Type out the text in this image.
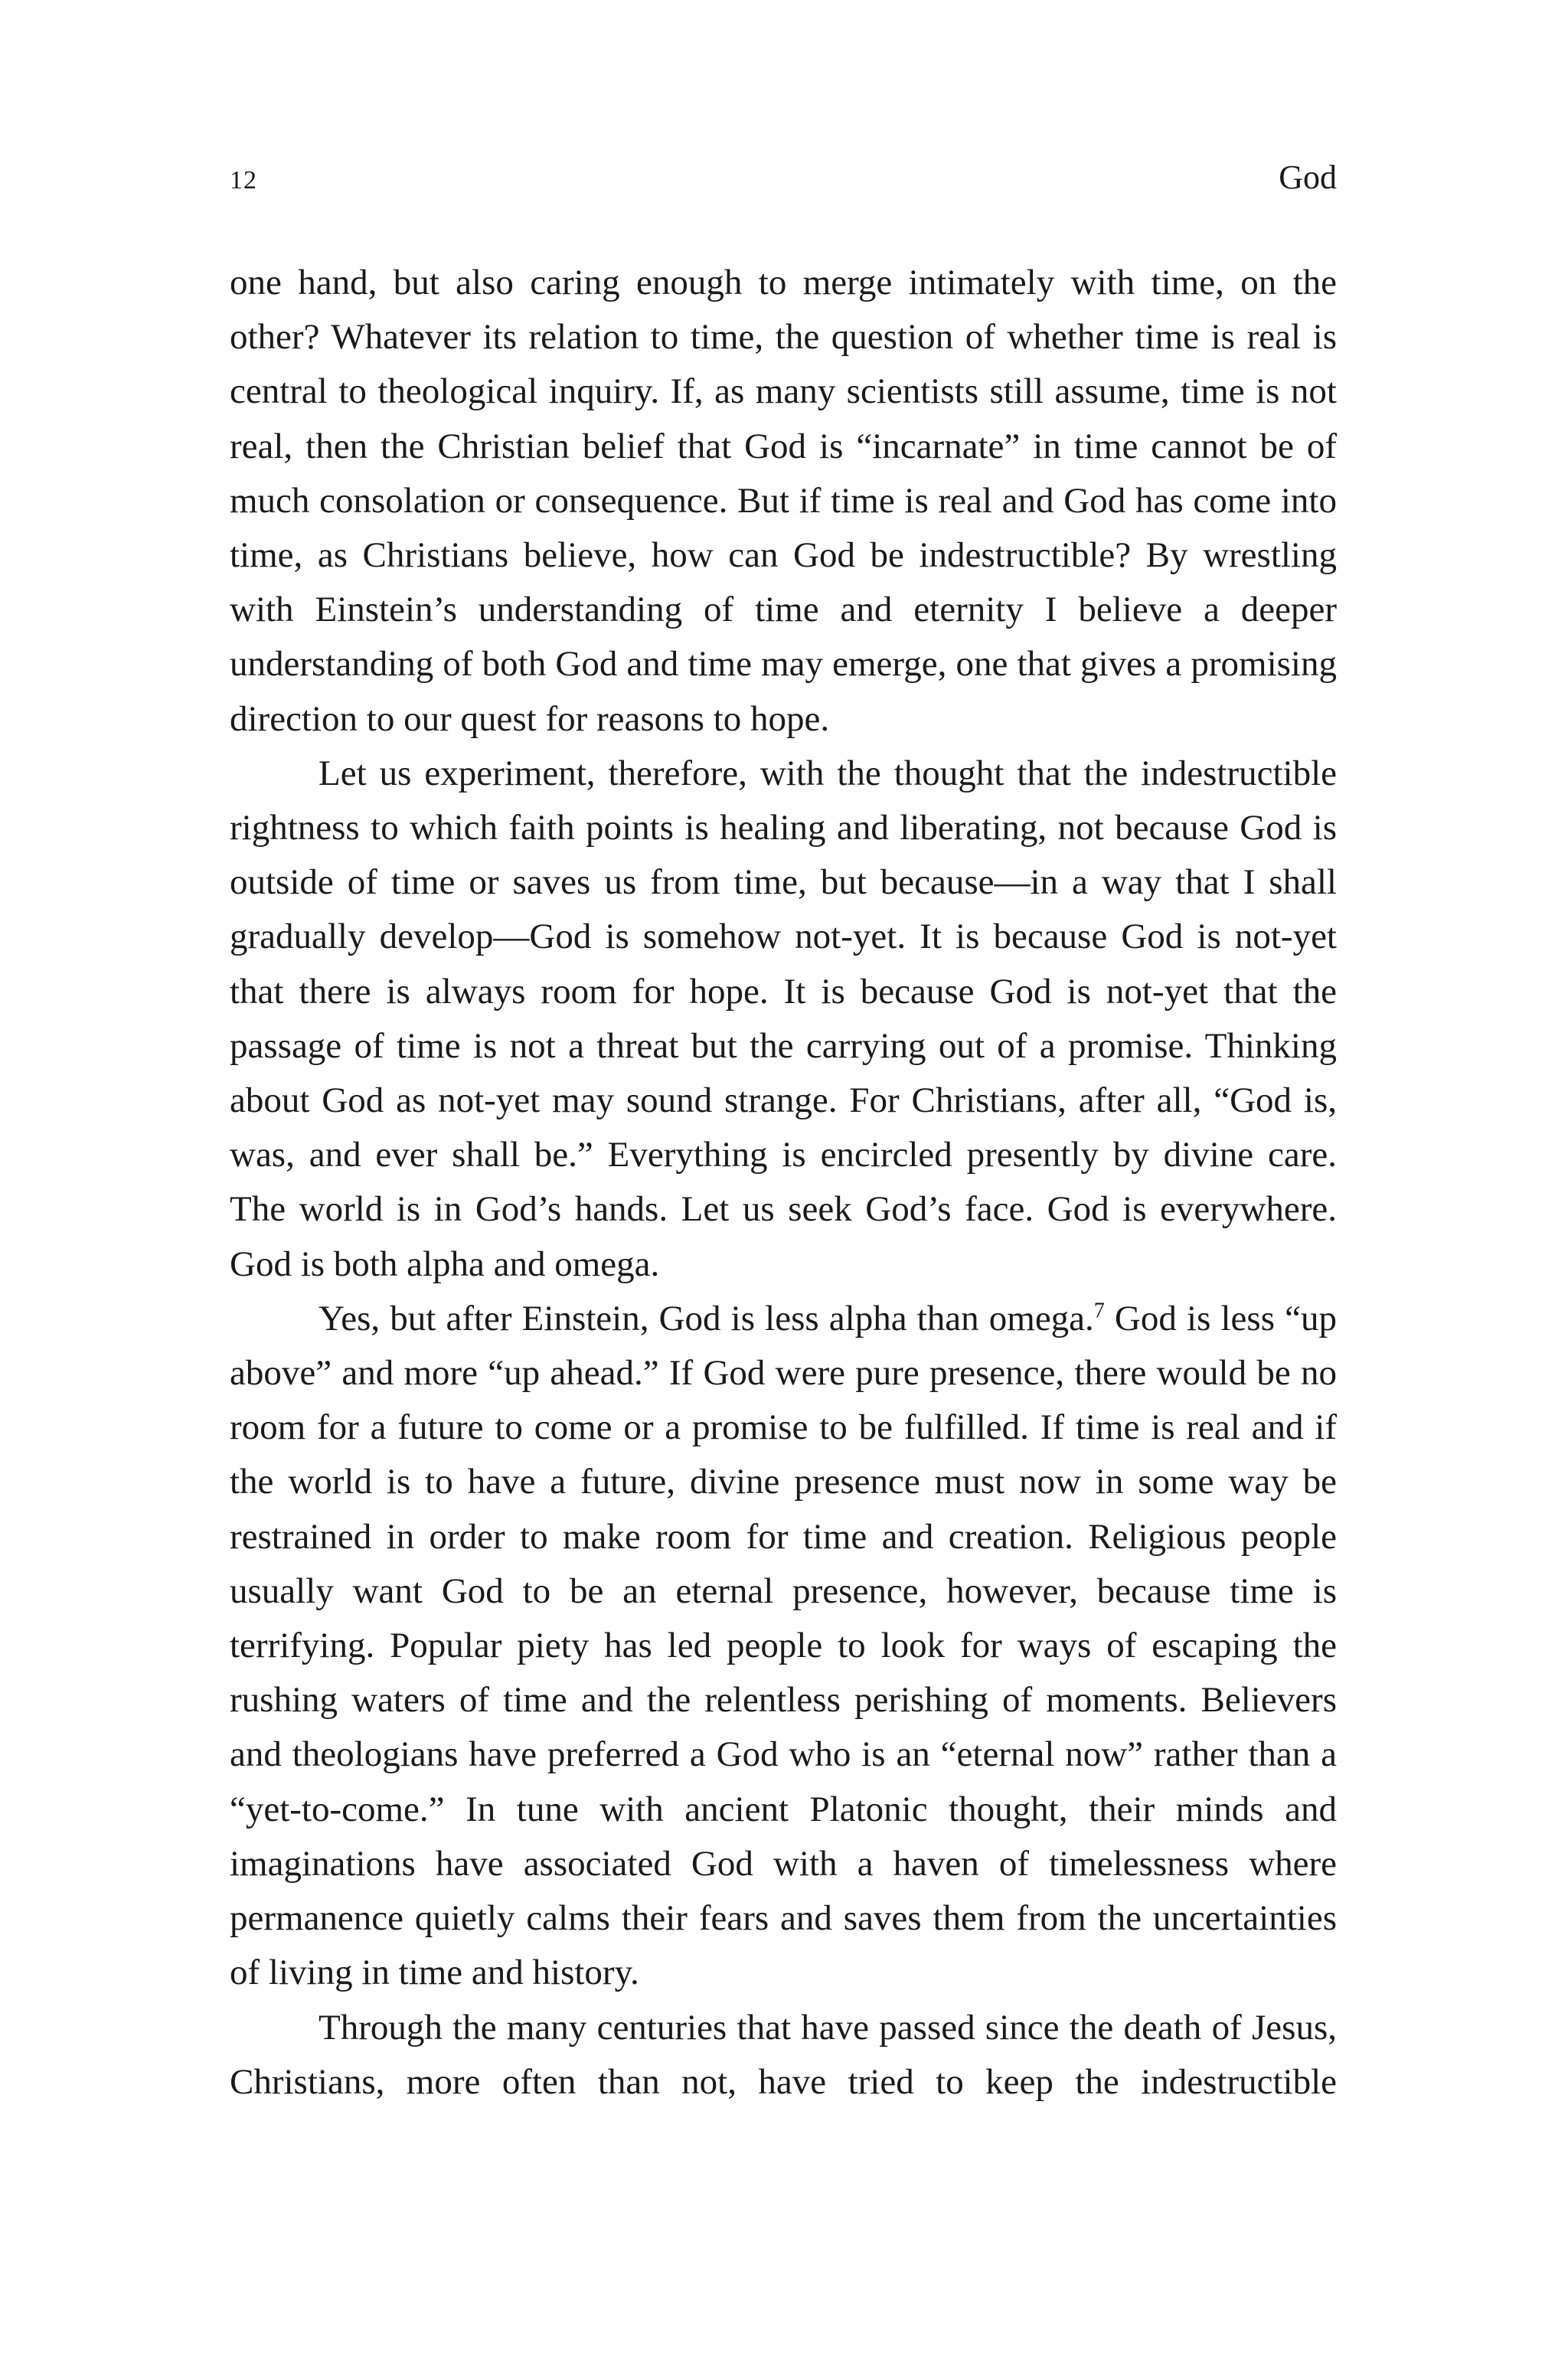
12	God

one hand, but also caring enough to merge intimately with time, on the other? Whatever its relation to time, the question of whether time is real is central to theological inquiry. If, as many scientists still assume, time is not real, then the Christian belief that God is “incarnate” in time cannot be of much consolation or consequence. But if time is real and God has come into time, as Christians believe, how can God be indestructible? By wrestling with Einstein’s understanding of time and eternity I believe a deeper understanding of both God and time may emerge, one that gives a promising direction to our quest for reasons to hope.

Let us experiment, therefore, with the thought that the indestructible rightness to which faith points is healing and liberating, not because God is outside of time or saves us from time, but because—in a way that I shall gradually develop—God is somehow not-yet. It is because God is not-yet that there is always room for hope. It is because God is not-yet that the passage of time is not a threat but the carrying out of a promise. Thinking about God as not-yet may sound strange. For Christians, after all, “God is, was, and ever shall be.” Everything is encircled presently by divine care. The world is in God’s hands. Let us seek God’s face. God is everywhere. God is both alpha and omega.

Yes, but after Einstein, God is less alpha than omega.$^7$ God is less “up above” and more “up ahead.” If God were pure presence, there would be no room for a future to come or a promise to be fulfilled. If time is real and if the world is to have a future, divine presence must now in some way be restrained in order to make room for time and creation. Religious people usually want God to be an eternal presence, however, because time is terrifying. Popular piety has led people to look for ways of escaping the rushing waters of time and the relentless perishing of moments. Believers and theologians have preferred a God who is an “eternal now” rather than a “yet-to-come.” In tune with ancient Platonic thought, their minds and imaginations have associated God with a haven of timelessness where permanence quietly calms their fears and saves them from the uncertainties of living in time and history.

Through the many centuries that have passed since the death of Jesus, Christians, more often than not, have tried to keep the indestructible
